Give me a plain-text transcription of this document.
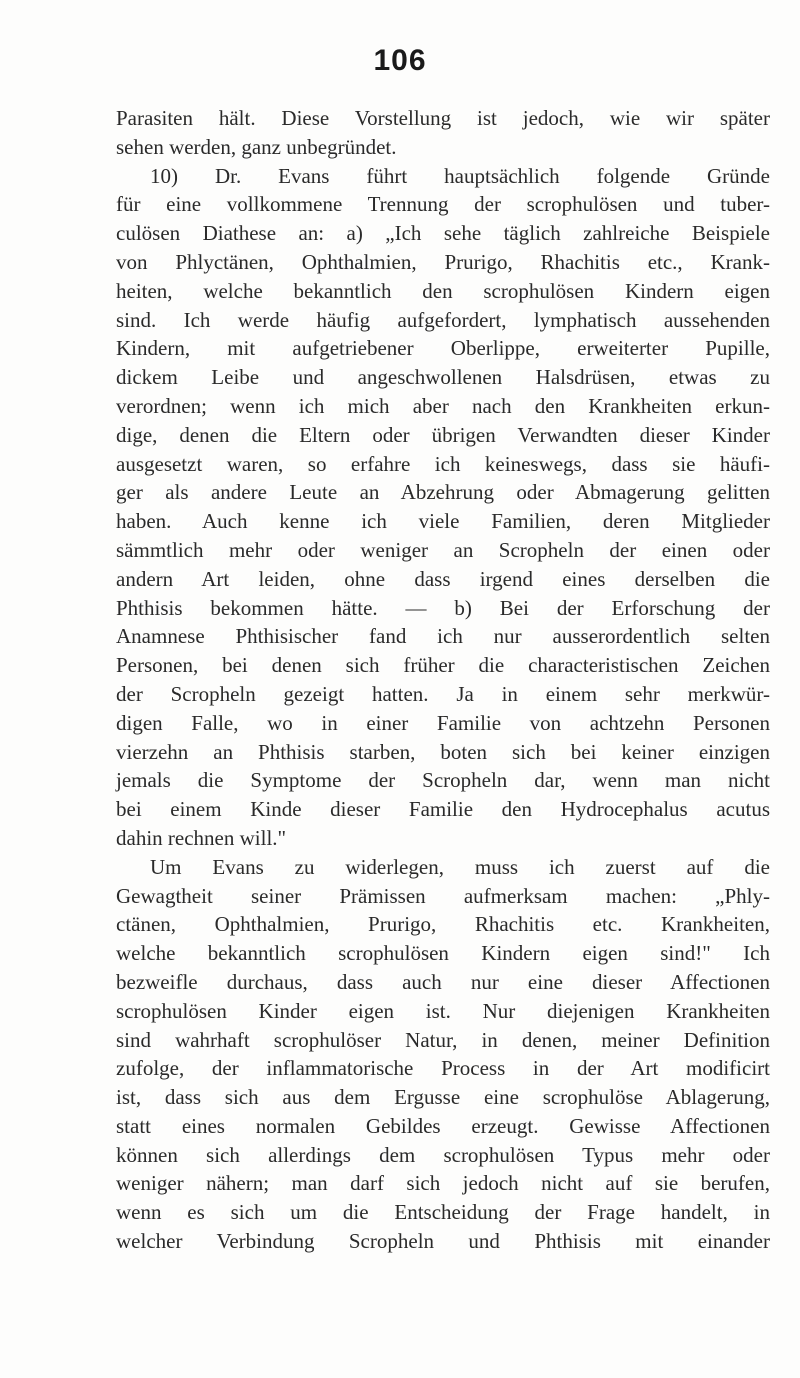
106
Parasiten hält. Diese Vorstellung ist jedoch, wie wir später
sehen werden, ganz unbegründet.
10) Dr. Evans führt hauptsächlich folgende Gründe
für eine vollkommene Trennung der scrophulösen und tuber-
culösen Diathese an: a) „Ich sehe täglich zahlreiche Beispiele
von Phlyctänen, Ophthalmien, Prurigo, Rhachitis etc., Krank-
heiten, welche bekanntlich den scrophulösen Kindern eigen
sind. Ich werde häufig aufgefordert, lymphatisch aussehenden
Kindern, mit aufgetriebener Oberlippe, erweiterter Pupille,
dickem Leibe und angeschwollenen Halsdrüsen, etwas zu
verordnen; wenn ich mich aber nach den Krankheiten erkun-
dige, denen die Eltern oder übrigen Verwandten dieser Kinder
ausgesetzt waren, so erfahre ich keineswegs, dass sie häufi-
ger als andere Leute an Abzehrung oder Abmagerung gelitten
haben. Auch kenne ich viele Familien, deren Mitglieder
sämmtlich mehr oder weniger an Scropheln der einen oder
andern Art leiden, ohne dass irgend eines derselben die
Phthisis bekommen hätte. — b) Bei der Erforschung der
Anamnese Phthisischer fand ich nur ausserordentlich selten
Personen, bei denen sich früher die characteristischen Zeichen
der Scropheln gezeigt hatten. Ja in einem sehr merkwür-
digen Falle, wo in einer Familie von achtzehn Personen
vierzehn an Phthisis starben, boten sich bei keiner einzigen
jemals die Symptome der Scropheln dar, wenn man nicht
bei einem Kinde dieser Familie den Hydrocephalus acutus
dahin rechnen will."
Um Evans zu widerlegen, muss ich zuerst auf die
Gewagtheit seiner Prämissen aufmerksam machen: „Phly-
ctänen, Ophthalmien, Prurigo, Rhachitis etc. Krankheiten,
welche bekanntlich scrophulösen Kindern eigen sind!" Ich
bezweifle durchaus, dass auch nur eine dieser Affectionen
scrophulösen Kinder eigen ist. Nur diejenigen Krankheiten
sind wahrhaft scrophulöser Natur, in denen, meiner Definition
zufolge, der inflammatorische Process in der Art modificirt
ist, dass sich aus dem Ergusse eine scrophulöse Ablagerung,
statt eines normalen Gebildes erzeugt. Gewisse Affectionen
können sich allerdings dem scrophulösen Typus mehr oder
weniger nähern; man darf sich jedoch nicht auf sie berufen,
wenn es sich um die Entscheidung der Frage handelt, in
welcher Verbindung Scropheln und Phthisis mit einander
